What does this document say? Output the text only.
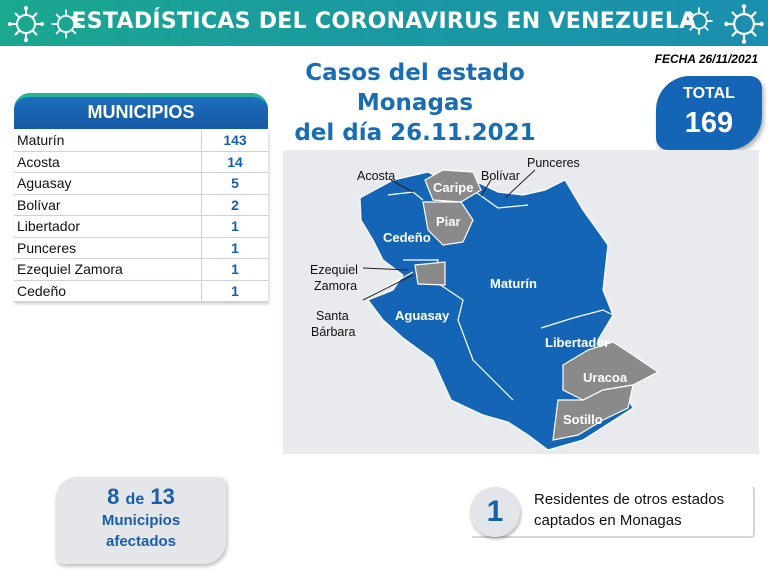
ESTADÍSTICAS DEL CORONAVIRUS EN VENEZUELA
FECHA 26/11/2021
Casos del estado Monagas
del día 26.11.2021
TOTAL
169
MUNICIPIOS
Maturín	143
Acosta	14
Aguasay	5
Bolívar	2
Libertador	1
Punceres	1
Ezequiel Zamora	1
Cedeño	1
Acosta	Bolívar
Punceres
Ezequiel
Zamora
Santa
Bárbara
Caripe
Piar
Cedeño
Maturín
Aguasay
Libertador
Uracoa
Sotillo
8 de 13
Municipios
afectados
1	Residentes de otros estados
captados en Monagas
